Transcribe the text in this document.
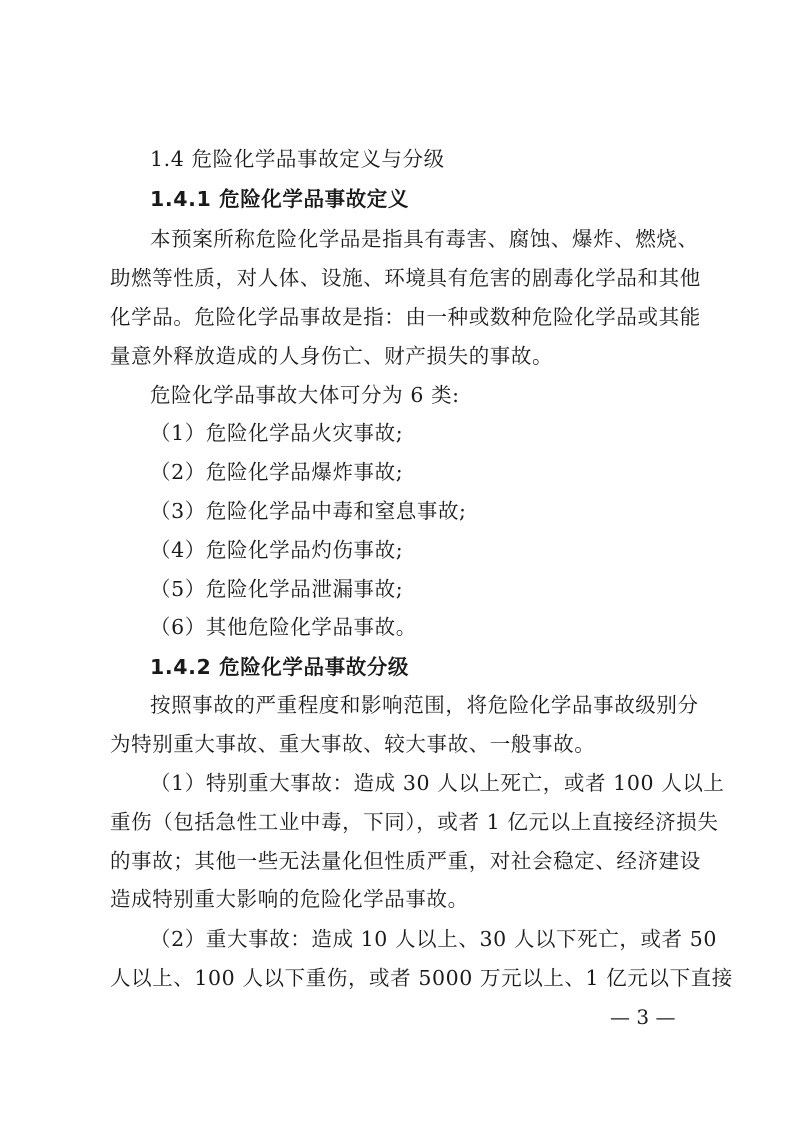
1.4 危险化学品事故定义与分级
1.4.1 危险化学品事故定义
本预案所称危险化学品是指具有毒害、腐蚀、爆炸、燃烧、
助燃等性质，对人体、设施、环境具有危害的剧毒化学品和其他
化学品。危险化学品事故是指：由一种或数种危险化学品或其能
量意外释放造成的人身伤亡、财产损失的事故。
危险化学品事故大体可分为 6 类:
（1）危险化学品火灾事故;
（2）危险化学品爆炸事故;
（3）危险化学品中毒和窒息事故;
（4）危险化学品灼伤事故;
（5）危险化学品泄漏事故;
（6）其他危险化学品事故。
1.4.2 危险化学品事故分级
按照事故的严重程度和影响范围，将危险化学品事故级别分
为特别重大事故、重大事故、较大事故、一般事故。
（1）特别重大事故：造成 30 人以上死亡，或者 100 人以上
重伤（包括急性工业中毒，下同），或者 1 亿元以上直接经济损失
的事故；其他一些无法量化但性质严重，对社会稳定、经济建设
造成特别重大影响的危险化学品事故。
（2）重大事故：造成 10 人以上、30 人以下死亡，或者 50
人以上、100 人以下重伤，或者 5000 万元以上、1 亿元以下直接
— 3 —
